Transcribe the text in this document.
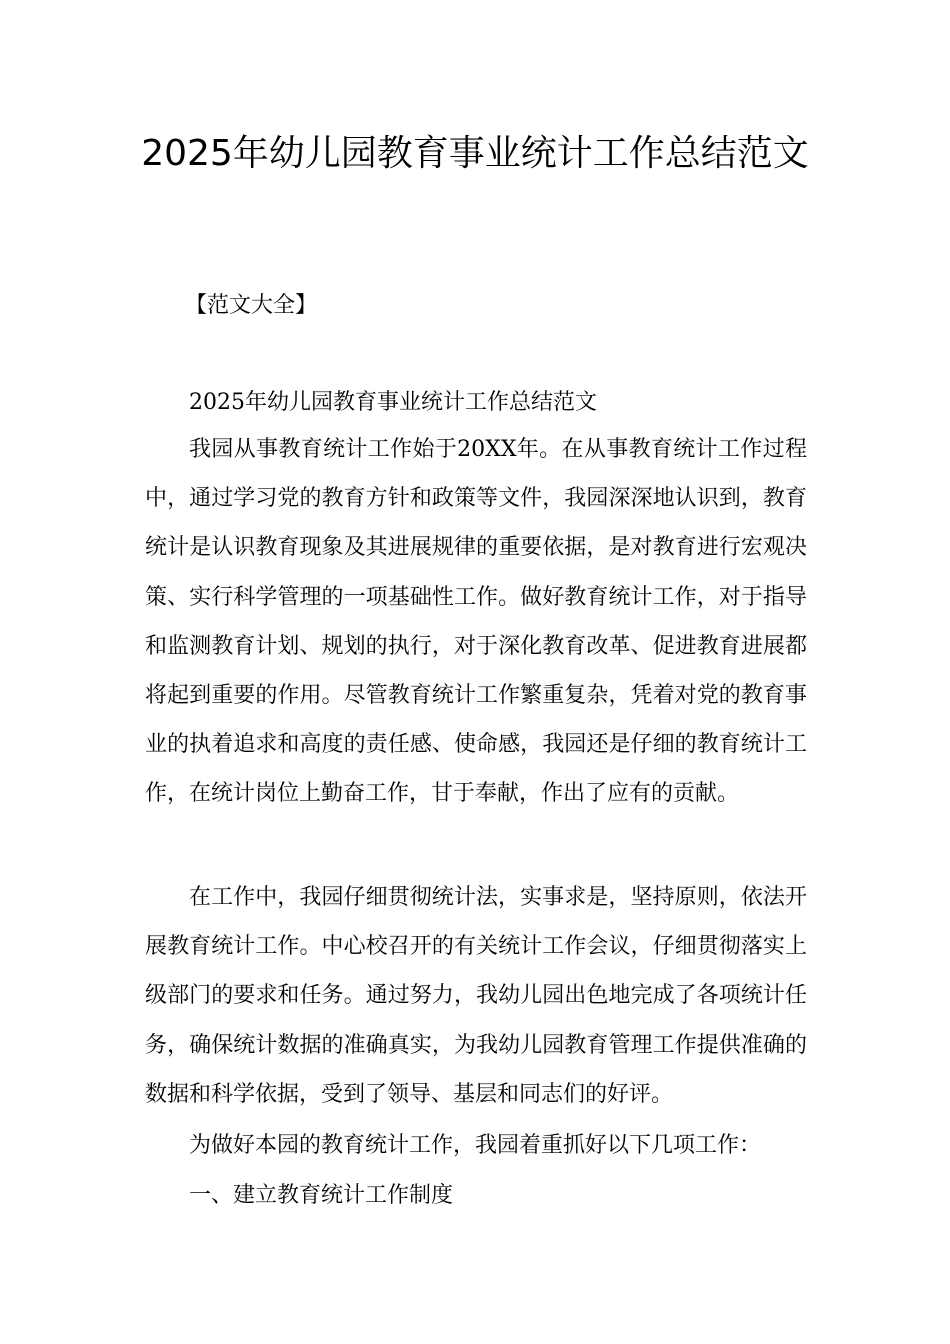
2025年幼儿园教育事业统计工作总结范文

【范文大全】

2025年幼儿园教育事业统计工作总结范文

我园从事教育统计工作始于20XX年。在从事教育统计工作过程中，通过学习党的教育方针和政策等文件，我园深深地认识到，教育统计是认识教育现象及其进展规律的重要依据，是对教育进行宏观决策、实行科学管理的一项基础性工作。做好教育统计工作，对于指导和监测教育计划、规划的执行，对于深化教育改革、促进教育进展都将起到重要的作用。尽管教育统计工作繁重复杂，凭着对党的教育事业的执着追求和高度的责任感、使命感，我园还是仔细的教育统计工作，在统计岗位上勤奋工作，甘于奉献，作出了应有的贡献。

在工作中，我园仔细贯彻统计法，实事求是，坚持原则，依法开展教育统计工作。中心校召开的有关统计工作会议，仔细贯彻落实上级部门的要求和任务。通过努力，我幼儿园出色地完成了各项统计任务，确保统计数据的准确真实，为我幼儿园教育管理工作提供准确的数据和科学依据，受到了领导、基层和同志们的好评。

为做好本园的教育统计工作，我园着重抓好以下几项工作：

一、建立教育统计工作制度
